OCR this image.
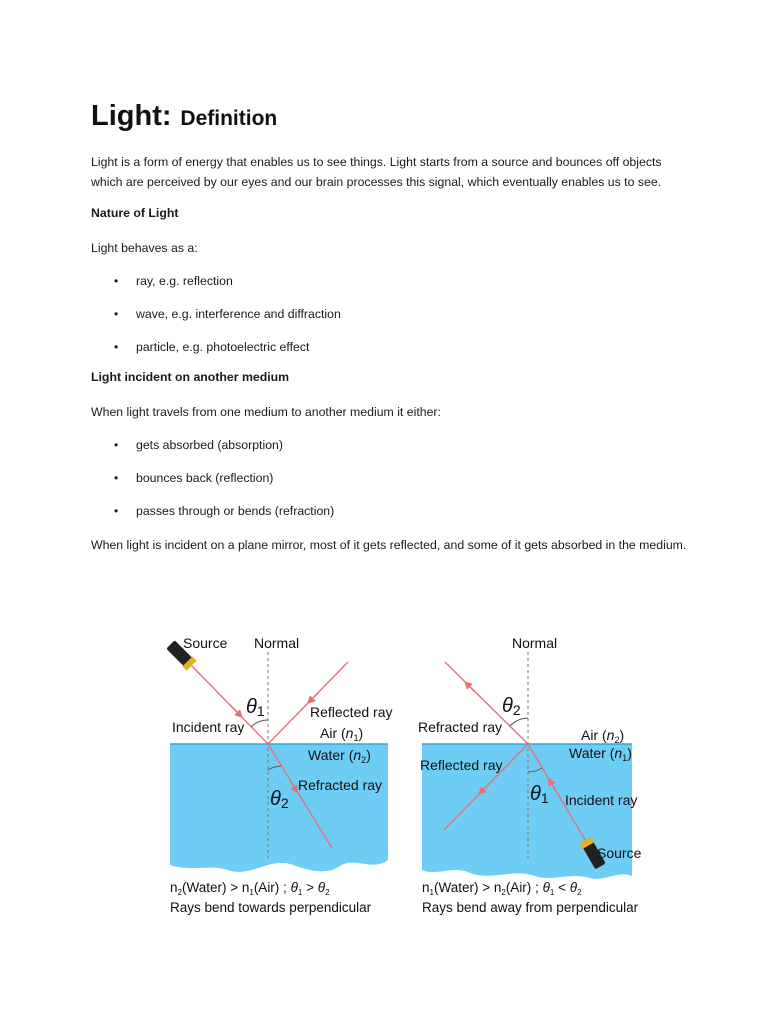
Light: Definition

Light is a form of energy that enables us to see things. Light starts from a source and bounces off objects which are perceived by our eyes and our brain processes this signal, which eventually enables us to see.

Nature of Light

Light behaves as a:

• ray, e.g. reflection
• wave, e.g. interference and diffraction
• particle, e.g. photoelectric effect

Light incident on another medium

When light travels from one medium to another medium it either:

• gets absorbed (absorption)
• bounces back (reflection)
• passes through or bends (refraction)

When light is incident on a plane mirror, most of it gets reflected, and some of it gets absorbed in the medium.

Source Normal
Incident ray
Reflected ray
Refracted ray
Air $(n_1)$
Water $(n_2)$
θ1
θ2
$n_2(Water) > n_1(Air)$ ; $\theta_1 > \theta_2$
Rays bend towards perpendicular
Normal
Refracted ray
Reflected ray
Incident ray
Source
Air $(n_2)$
Water $(n_1)$
θ2
θ1
$n_1(Water) > n_2(Air)$ ; $\theta_1 < \theta_2$
Rays bend away from perpendicular
